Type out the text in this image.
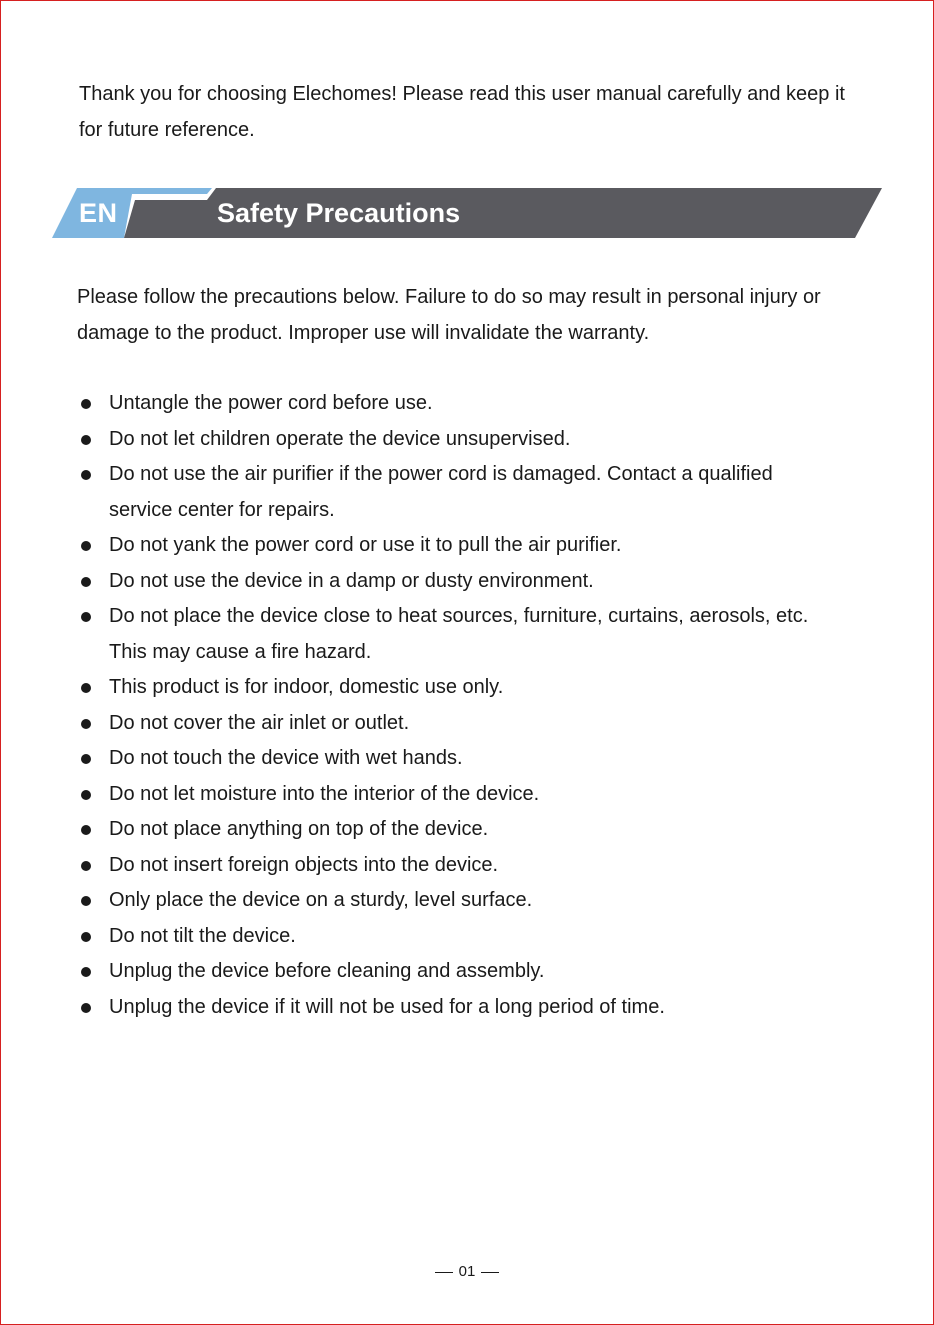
Thank you for choosing Elechomes! Please read this user manual carefully and keep it for future reference.

EN	Safety Precautions

Please follow the precautions below. Failure to do so may result in personal injury or damage to the product. Improper use will invalidate the warranty.

Untangle the power cord before use.
Do not let children operate the device unsupervised.
Do not use the air purifier if the power cord is damaged. Contact a qualified service center for repairs.
Do not yank the power cord or use it to pull the air purifier.
Do not use the device in a damp or dusty environment.
Do not place the device close to heat sources, furniture, curtains, aerosols, etc. This may cause a fire hazard.
This product is for indoor, domestic use only.
Do not cover the air inlet or outlet.
Do not touch the device with wet hands.
Do not let moisture into the interior of the device.
Do not place anything on top of the device.
Do not insert foreign objects into the device.
Only place the device on a sturdy, level surface.
Do not tilt the device.
Unplug the device before cleaning and assembly.
Unplug the device if it will not be used for a long period of time.
01
